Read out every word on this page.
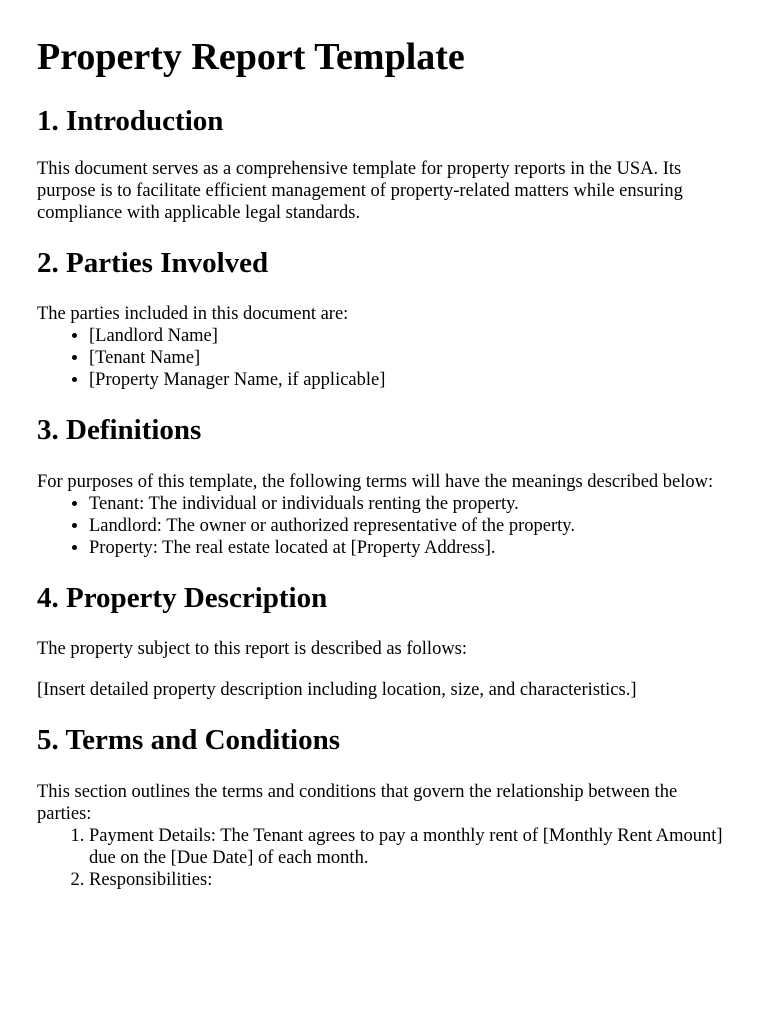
Property Report Template
1. Introduction

This document serves as a comprehensive template for property reports in the USA. Its purpose is to facilitate efficient management of property-related matters while ensuring compliance with applicable legal standards.

2. Parties Involved

The parties included in this document are:

• [Landlord Name]
• [Tenant Name]
• [Property Manager Name, if applicable]
3. Definitions

For purposes of this template, the following terms will have the meanings described below:

• Tenant: The individual or individuals renting the property.
• Landlord: The owner or authorized representative of the property.
• Property: The real estate located at [Property Address].
4. Property Description

The property subject to this report is described as follows:

[Insert detailed property description including location, size, and characteristics.]

5. Terms and Conditions

This section outlines the terms and conditions that govern the relationship between the parties:

1. Payment Details: The Tenant agrees to pay a monthly rent of [Monthly Rent Amount] due on the [Due Date] of each month.
2. Responsibilities:
